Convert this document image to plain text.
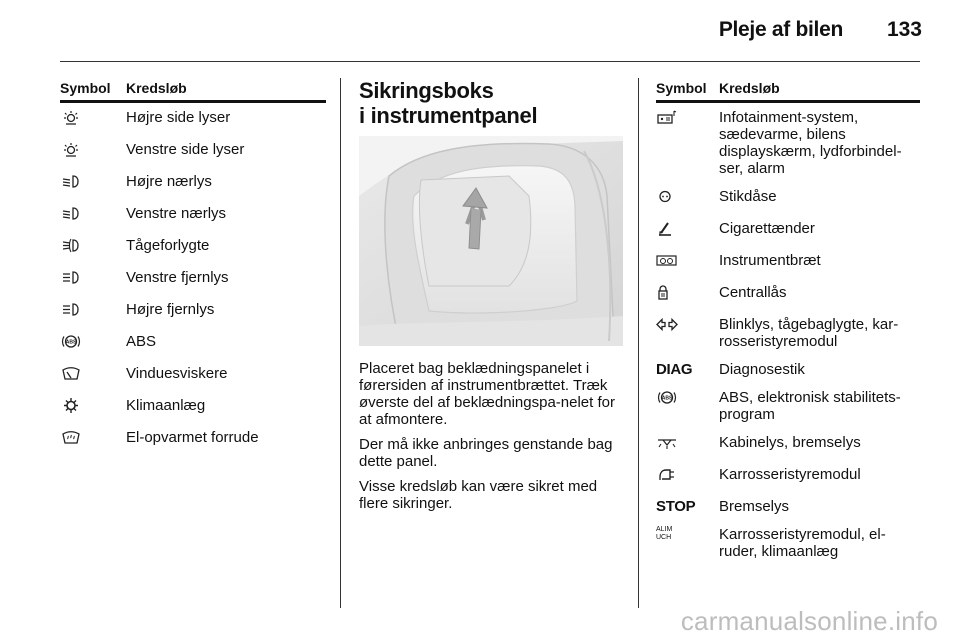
Pleje af bilen 133
Symbol	Kredsløb
	Højre side lyser
	Venstre side lyser
	Højre nærlys
	Venstre nærlys
	Tågeforlygte
	Venstre fjernlys
	Højre fjernlys

ABS	ABS
	Vinduesviskere
	Klimaanlæg
	El-opvarmet forrude
Sikringsboks
i instrumentpanel

Placeret bag beklædningspanelet i førersiden af instrumentbrættet. Træk øverste del af beklædningspa-nelet for at afmontere.

Der må ikke anbringes genstande bag dette panel.

Visse kredsløb kan være sikret med flere sikringer.

Symbol	Kredsløb
	Infotainment-system, sædevarme, bilens displayskærm, lydforbindel-ser, alarm
	Stikdåse
	Cigarettænder
	Instrumentbræt
	Centrallås
	Blinklys, tågebaglygte, kar-rosseristyremodul
DIAG	Diagnosestik

ABS	ABS, elektronisk stabilitets-program
	Kabinelys, bremselys
	Karrosseristyremodul
STOP	Bremselys
ALIM
UCH	Karrosseristyremodul, el-ruder, klimaanlæg
carmanualsonline.info
